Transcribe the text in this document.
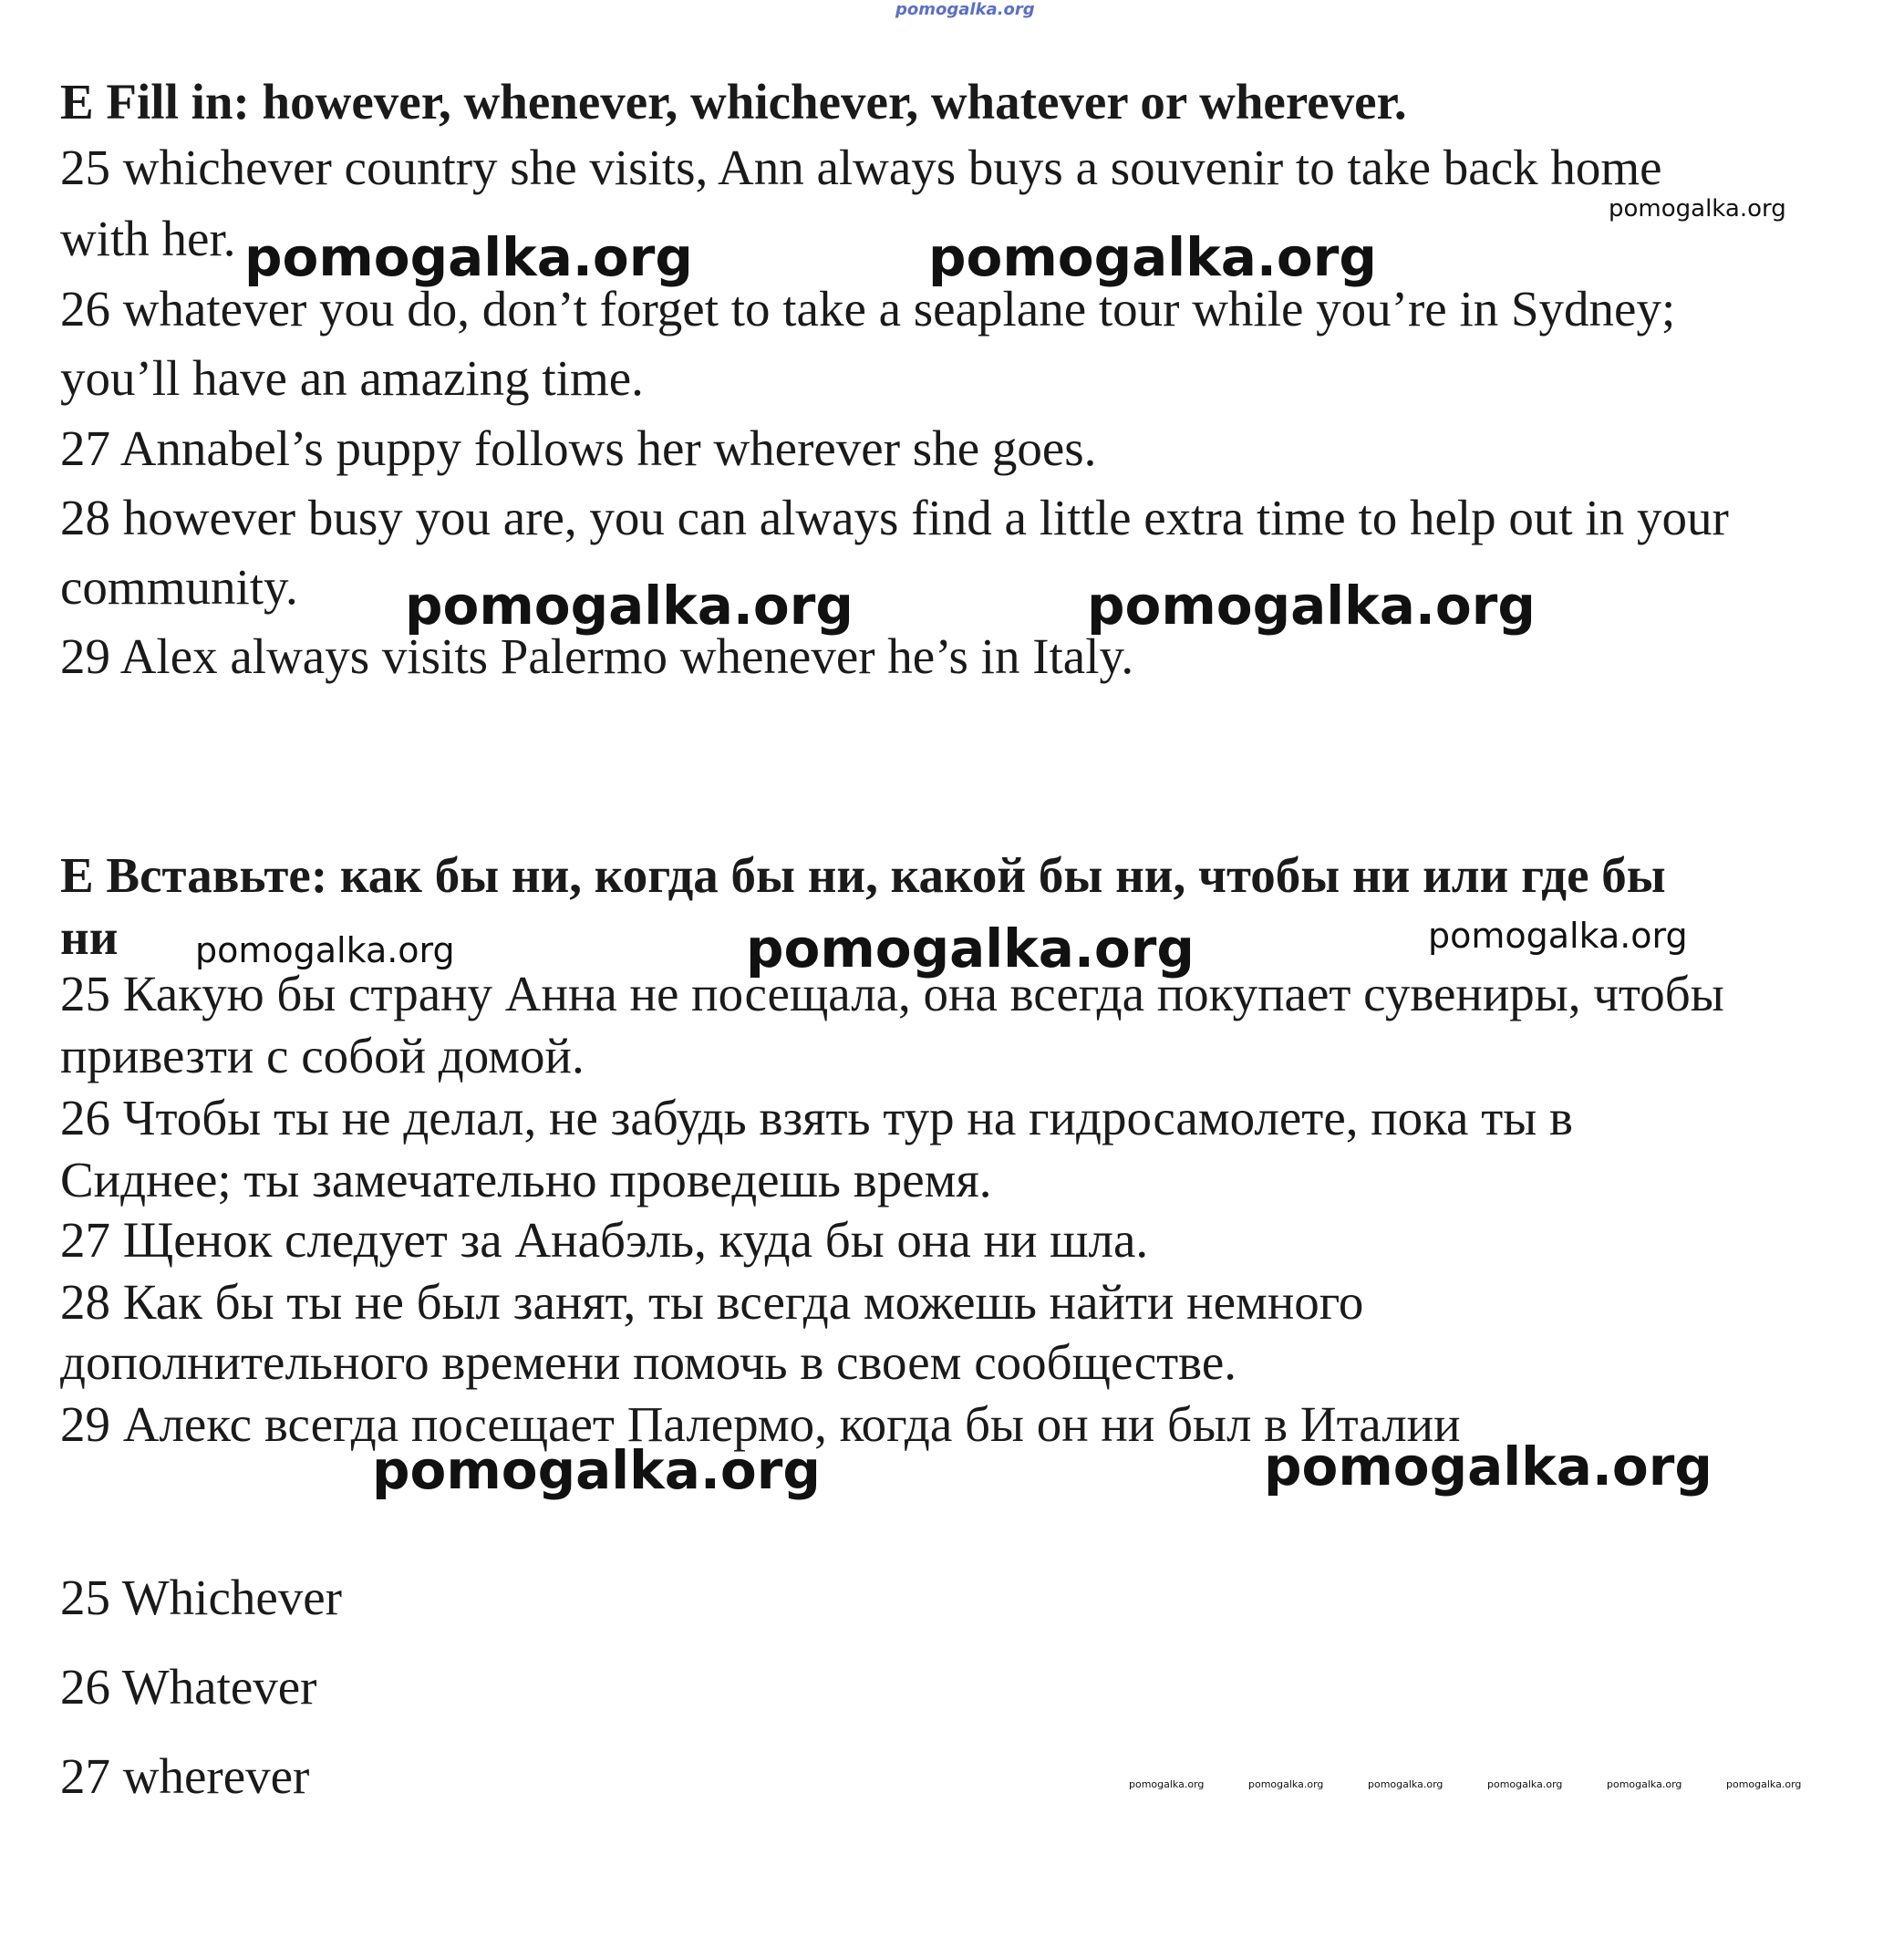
pomogalka.org
E Fill in: however, whenever, whichever, whatever or wherever.
25 whichever country she visits, Ann always buys a souvenir to take back home
with her.
26 whatever you do, don’t forget to take a seaplane tour while you’re in Sydney;
you’ll have an amazing time.
27 Annabel’s puppy follows her wherever she goes.
28 however busy you are, you can always find a little extra time to help out in your
community.
29 Alex always visits Palermo whenever he’s in Italy.
pomogalka.org
pomogalka.org	pomogalka.org
pomogalka.org	pomogalka.org
E Вставьте: как бы ни, когда бы ни, какой бы ни, чтобы ни или где бы
ни
25 Какую бы страну Анна не посещала, она всегда покупает сувениры, чтобы
привезти с собой домой.
26 Чтобы ты не делал, не забудь взять тур на гидросамолете, пока ты в
Сиднее; ты замечательно проведешь время.
27 Щенок следует за Анабэль, куда бы она ни шла.
28 Как бы ты не был занят, ты всегда можешь найти немного
дополнительного времени помочь в своем сообществе.
29 Алекс всегда посещает Палермо, когда бы он ни был в Италии
pomogalka.org	pomogalka.org	pomogalka.org
pomogalka.org	pomogalka.org
25 Whichever
26 Whatever
27 wherever	pomogalka.org	pomogalka.org	pomogalka.org	pomogalka.org	pomogalka.org	pomogalka.org
